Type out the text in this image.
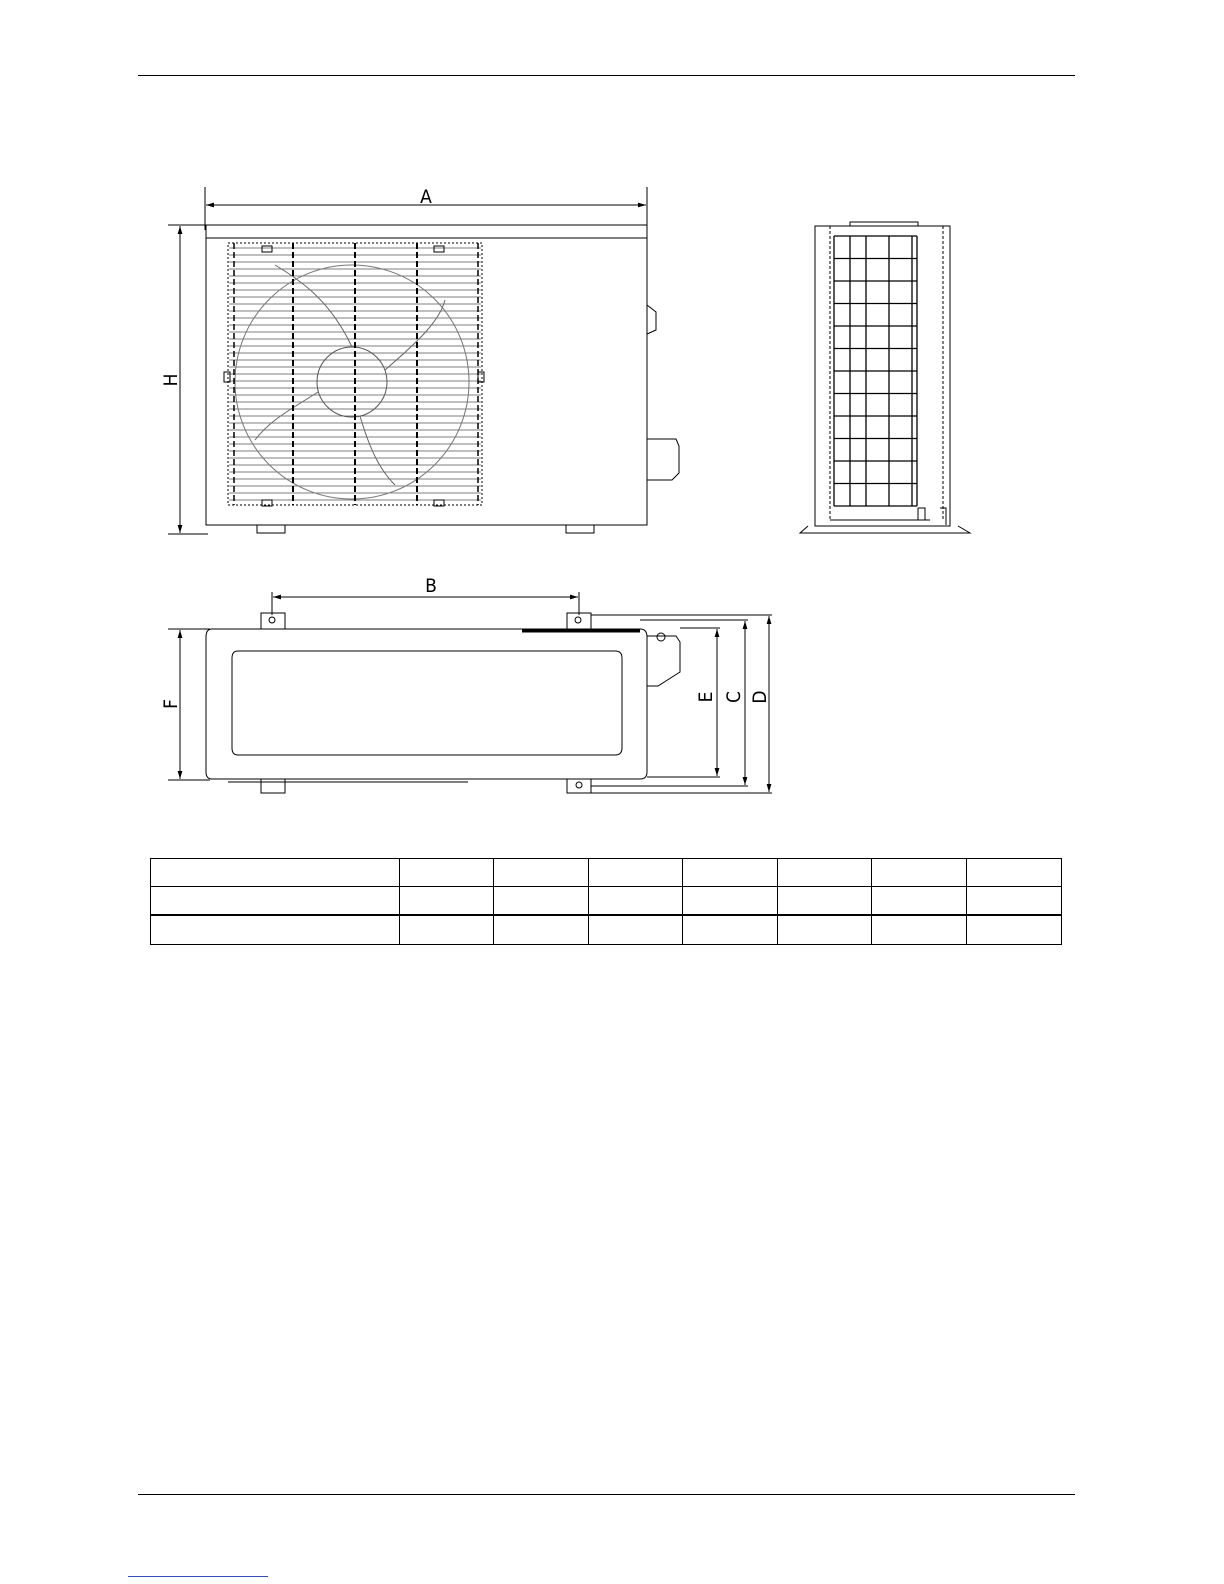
A
H
B
F
E C D
